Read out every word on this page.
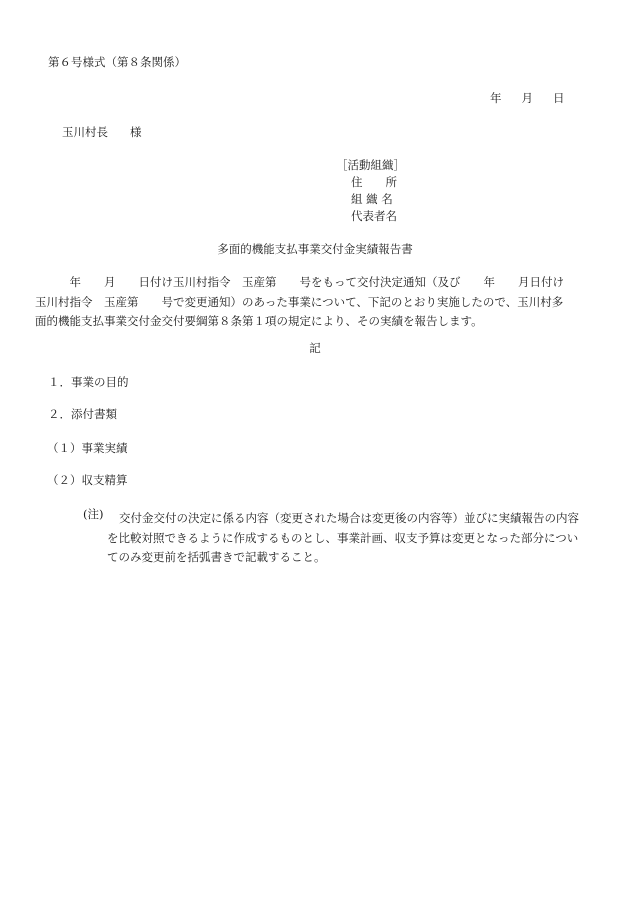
第６号様式（第８条関係）
年 月 日
玉川村長 様
［活動組織］
住　　所
組 織 名
代表者名
多面的機能支払事業交付金実績報告書
　　　年　　月　　日付け玉川村指令　玉産第　　号をもって交付決定通知（及び　　年　　月日付け
玉川村指令　玉産第　　号で変更通知）のあった事業について、下記のとおり実施したので、玉川村多
面的機能支払事業交付金交付要綱第８条第１項の規定により、その実績を報告します。
記
１．事業の目的
２．添付書類
（１）事業実績
（２）収支精算
(注)	交付金交付の決定に係る内容（変更された場合は変更後の内容等）並びに実績報告の内容
を比較対照できるように作成するものとし、事業計画、収支予算は変更となった部分につい
てのみ変更前を括弧書きで記載すること。
